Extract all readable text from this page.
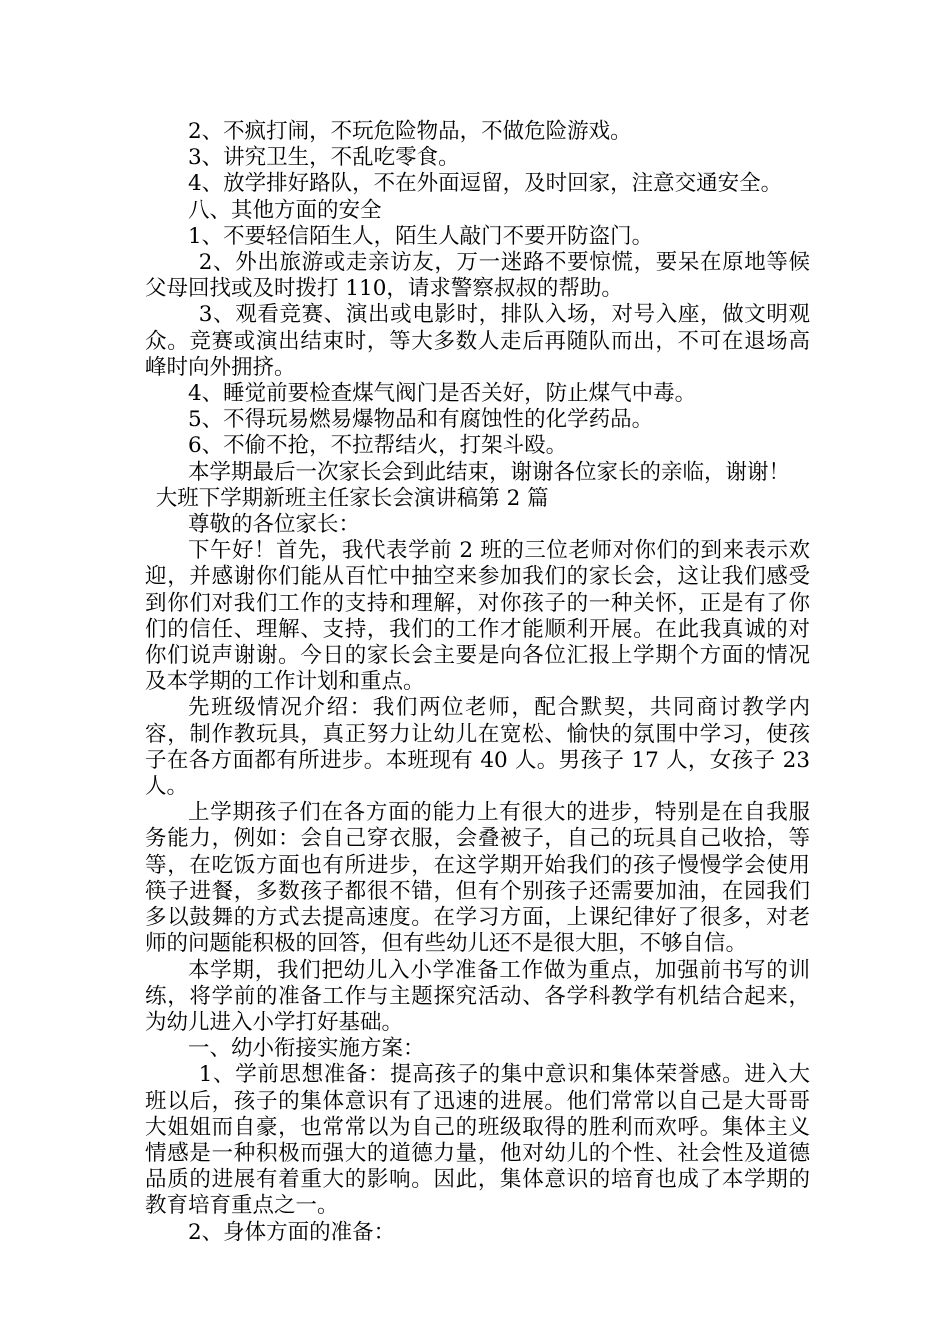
2、不疯打闹，不玩危险物品，不做危险游戏。

3、讲究卫生，不乱吃零食。

4、放学排好路队，不在外面逗留，及时回家，注意交通安全。

八、其他方面的安全

1、不要轻信陌生人，陌生人敲门不要开防盗门。

2、外出旅游或走亲访友，万一迷路不要惊慌，要呆在原地等候父母回找或及时拨打 110，请求警察叔叔的帮助。

3、观看竞赛、演出或电影时，排队入场，对号入座，做文明观众。竞赛或演出结束时，等大多数人走后再随队而出，不可在退场高峰时向外拥挤。

4、睡觉前要检查煤气阀门是否关好，防止煤气中毒。

5、不得玩易燃易爆物品和有腐蚀性的化学药品。

6、不偷不抢，不拉帮结火，打架斗殴。

本学期最后一次家长会到此结束，谢谢各位家长的亲临，谢谢！

大班下学期新班主任家长会演讲稿第 2 篇

尊敬的各位家长：

下午好！首先，我代表学前 2 班的三位老师对你们的到来表示欢迎，并感谢你们能从百忙中抽空来参加我们的家长会，这让我们感受到你们对我们工作的支持和理解，对你孩子的一种关怀，正是有了你们的信任、理解、支持，我们的工作才能顺利开展。在此我真诚的对你们说声谢谢。今日的家长会主要是向各位汇报上学期个方面的情况及本学期的工作计划和重点。

先班级情况介绍：我们两位老师，配合默契，共同商讨教学内容，制作教玩具，真正努力让幼儿在宽松、愉快的氛围中学习，使孩子在各方面都有所进步。本班现有 40 人。男孩子 17 人，女孩子 23 人。

上学期孩子们在各方面的能力上有很大的进步，特别是在自我服务能力，例如：会自己穿衣服，会叠被子，自己的玩具自己收拾，等等，在吃饭方面也有所进步，在这学期开始我们的孩子慢慢学会使用筷子进餐，多数孩子都很不错，但有个别孩子还需要加油，在园我们多以鼓舞的方式去提高速度。在学习方面，上课纪律好了很多，对老师的问题能积极的回答，但有些幼儿还不是很大胆，不够自信。

本学期，我们把幼儿入小学准备工作做为重点，加强前书写的训练，将学前的准备工作与主题探究活动、各学科教学有机结合起来，为幼儿进入小学打好基础。

一、幼小衔接实施方案：

1、学前思想准备：提高孩子的集中意识和集体荣誉感。进入大班以后，孩子的集体意识有了迅速的进展。他们常常以自己是大哥哥大姐姐而自豪，也常常以为自己的班级取得的胜利而欢呼。集体主义情感是一种积极而强大的道德力量，他对幼儿的个性、社会性及道德品质的进展有着重大的影响。因此，集体意识的培育也成了本学期的教育培育重点之一。

2、身体方面的准备：
